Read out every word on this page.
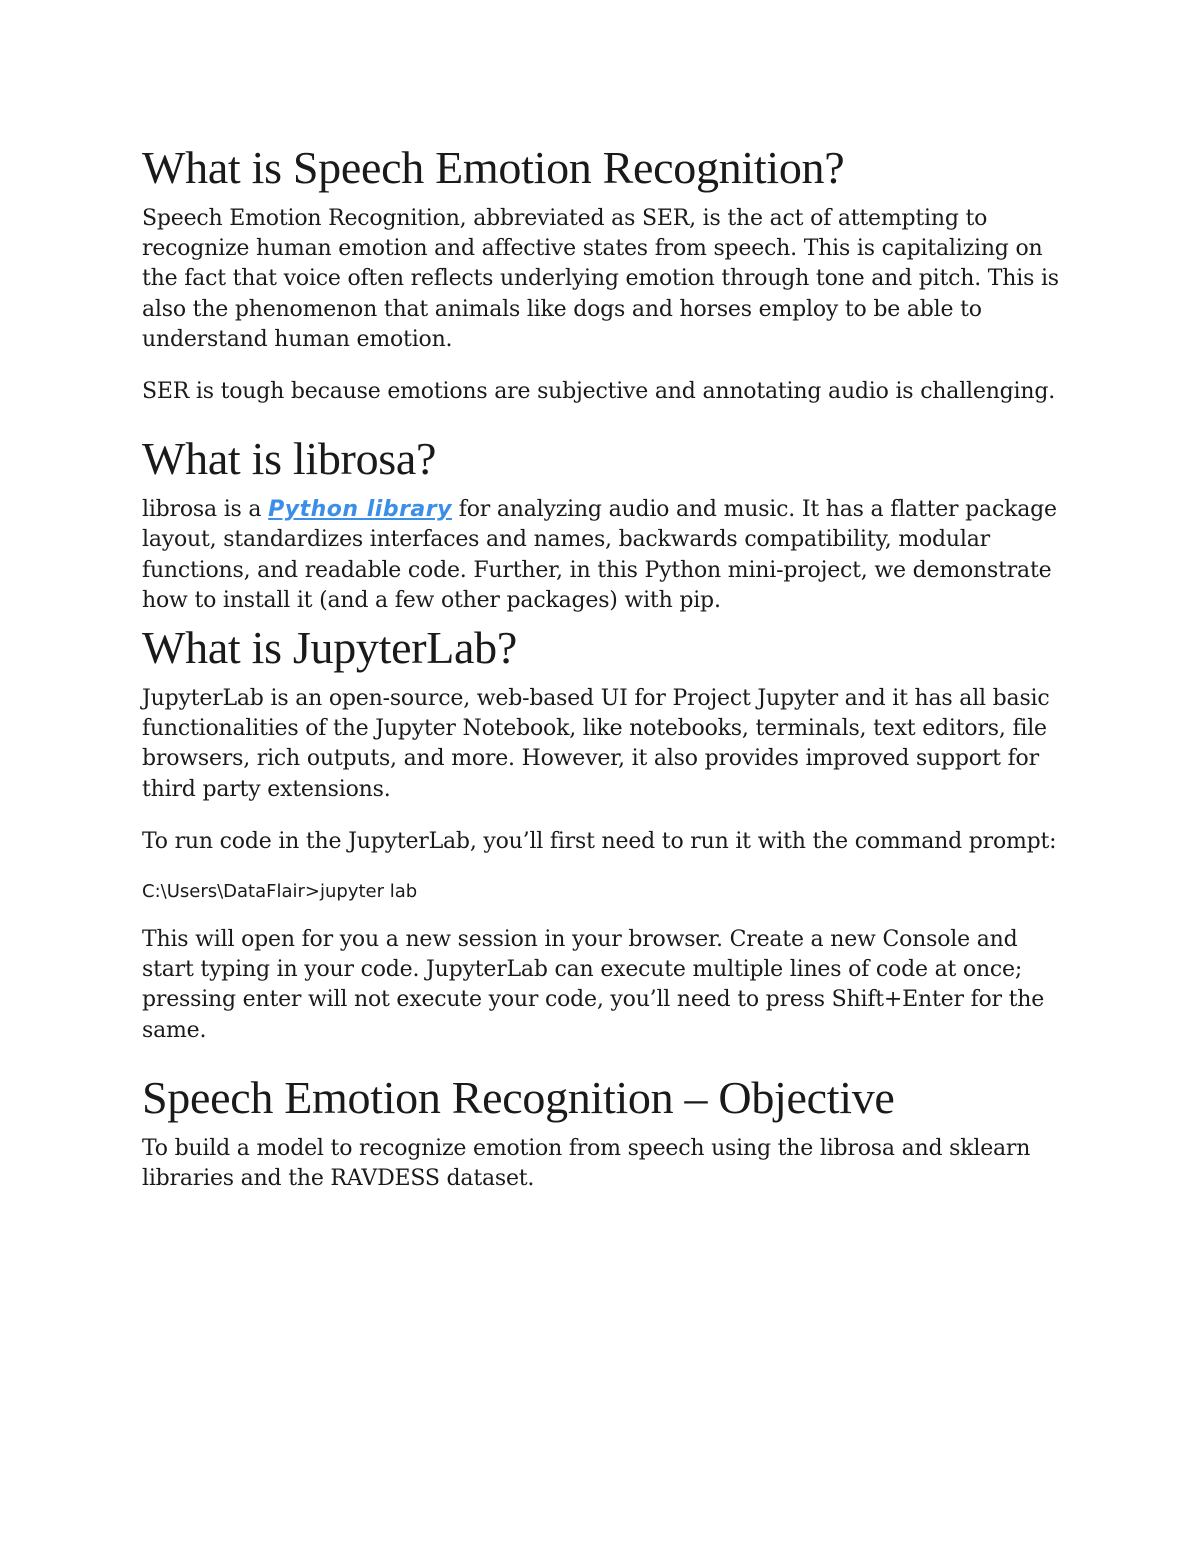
What is Speech Emotion Recognition?

Speech Emotion Recognition, abbreviated as SER, is the act of attempting to recognize human emotion and affective states from speech. This is capitalizing on the fact that voice often reflects underlying emotion through tone and pitch. This is also the phenomenon that animals like dogs and horses employ to be able to understand human emotion.

SER is tough because emotions are subjective and annotating audio is challenging.

What is librosa?

librosa is a Python library for analyzing audio and music. It has a flatter package layout, standardizes interfaces and names, backwards compatibility, modular functions, and readable code. Further, in this Python mini-project, we demonstrate how to install it (and a few other packages) with pip.

What is JupyterLab?

JupyterLab is an open-source, web-based UI for Project Jupyter and it has all basic functionalities of the Jupyter Notebook, like notebooks, terminals, text editors, file browsers, rich outputs, and more. However, it also provides improved support for third party extensions.

To run code in the JupyterLab, you’ll first need to run it with the command prompt:

C:\Users\DataFlair>jupyter lab

This will open for you a new session in your browser. Create a new Console and start typing in your code. JupyterLab can execute multiple lines of code at once; pressing enter will not execute your code, you’ll need to press Shift+Enter for the same.

Speech Emotion Recognition – Objective

To build a model to recognize emotion from speech using the librosa and sklearn libraries and the RAVDESS dataset.
